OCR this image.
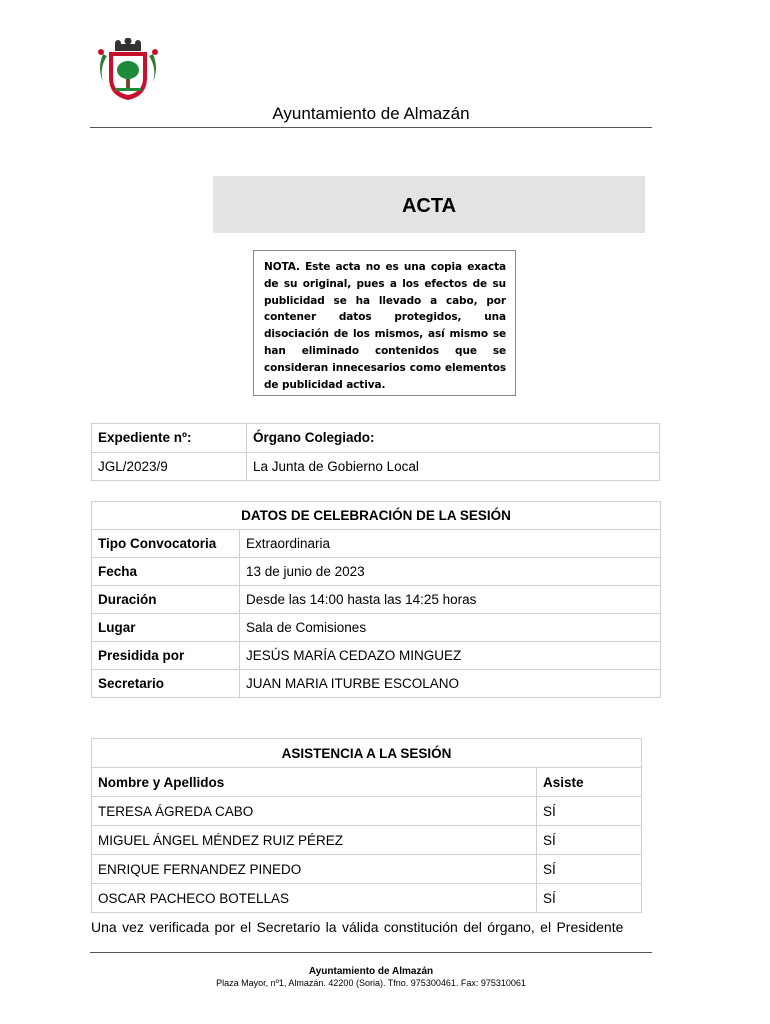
Ayuntamiento de Almazán
ACTA
NOTA. Este acta no es una copia exacta de su original, pues a los efectos de su publicidad se ha llevado a cabo, por contener datos protegidos, una disociación de los mismos, así mismo se han eliminado contenidos que se consideran innecesarios como elementos de publicidad activa.
Expediente nº:	Órgano Colegiado:
JGL/2023/9	La Junta de Gobierno Local
DATOS DE CELEBRACIÓN DE LA SESIÓN	
Tipo Convocatoria	Extraordinaria
Fecha	13 de junio de 2023
Duración	Desde las 14:00 hasta las 14:25 horas
Lugar	Sala de Comisiones
Presidida por	JESÚS MARÍA CEDAZO MINGUEZ
Secretario	JUAN MARIA ITURBE ESCOLANO
ASISTENCIA A LA SESIÓN	
Nombre y Apellidos	Asiste
TERESA ÁGREDA CABO	SÍ
MIGUEL ÁNGEL MÉNDEZ RUIZ PÉREZ	SÍ
ENRIQUE FERNANDEZ PINEDO	SÍ
OSCAR PACHECO BOTELLAS	SÍ
Una vez verificada por el Secretario la válida constitución del órgano, el Presidente
Ayuntamiento de Almazán
Plaza Mayor, nº1, Almazán. 42200 (Soria). Tfno. 975300461. Fax: 975310061
